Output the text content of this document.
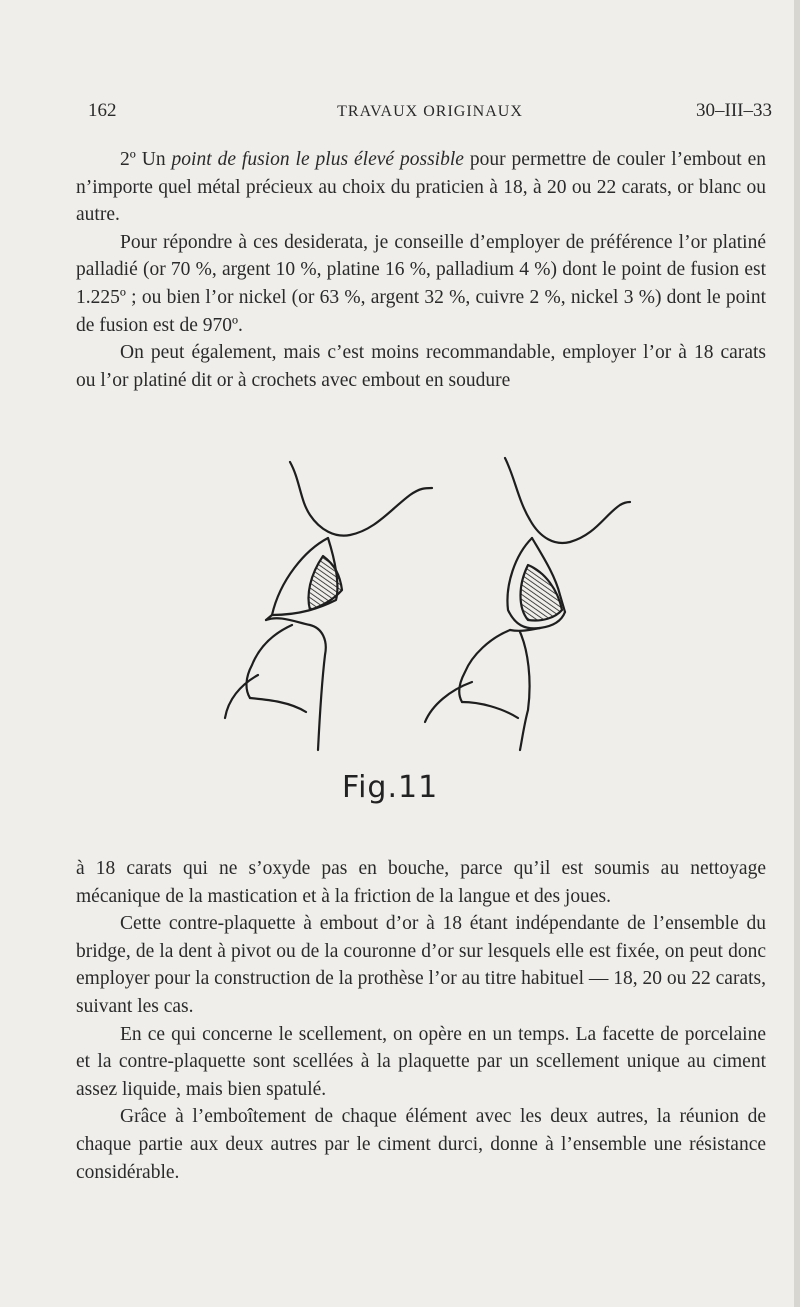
162	TRAVAUX ORIGINAUX	30–III–33

2º Un point de fusion le plus élevé possible pour permettre de couler l’embout en n’importe quel métal précieux au choix du praticien à 18, à 20 ou 22 carats, or blanc ou autre.

Pour répondre à ces desiderata, je conseille d’employer de préférence l’or platiné palladié (or 70 %, argent 10 %, platine 16 %, palladium 4 %) dont le point de fusion est 1.225º ; ou bien l’or nickel (or 63 %, argent 32 %, cuivre 2 %, nickel 3 %) dont le point de fusion est de 970º.

On peut également, mais c’est moins recommandable, employer l’or à 18 carats ou l’or platiné dit or à crochets avec embout en soudure

Fig.11

à 18 carats qui ne s’oxyde pas en bouche, parce qu’il est soumis au nettoyage mécanique de la mastication et à la friction de la langue et des joues.

Cette contre-plaquette à embout d’or à 18 étant indépendante de l’ensemble du bridge, de la dent à pivot ou de la couronne d’or sur lesquels elle est fixée, on peut donc employer pour la construction de la prothèse l’or au titre habituel — 18, 20 ou 22 carats, suivant les cas.

En ce qui concerne le scellement, on opère en un temps. La facette de porcelaine et la contre-plaquette sont scellées à la plaquette par un scellement unique au ciment assez liquide, mais bien spatulé.

Grâce à l’emboîtement de chaque élément avec les deux autres, la réunion de chaque partie aux deux autres par le ciment durci, donne à l’ensemble une résistance considérable.
